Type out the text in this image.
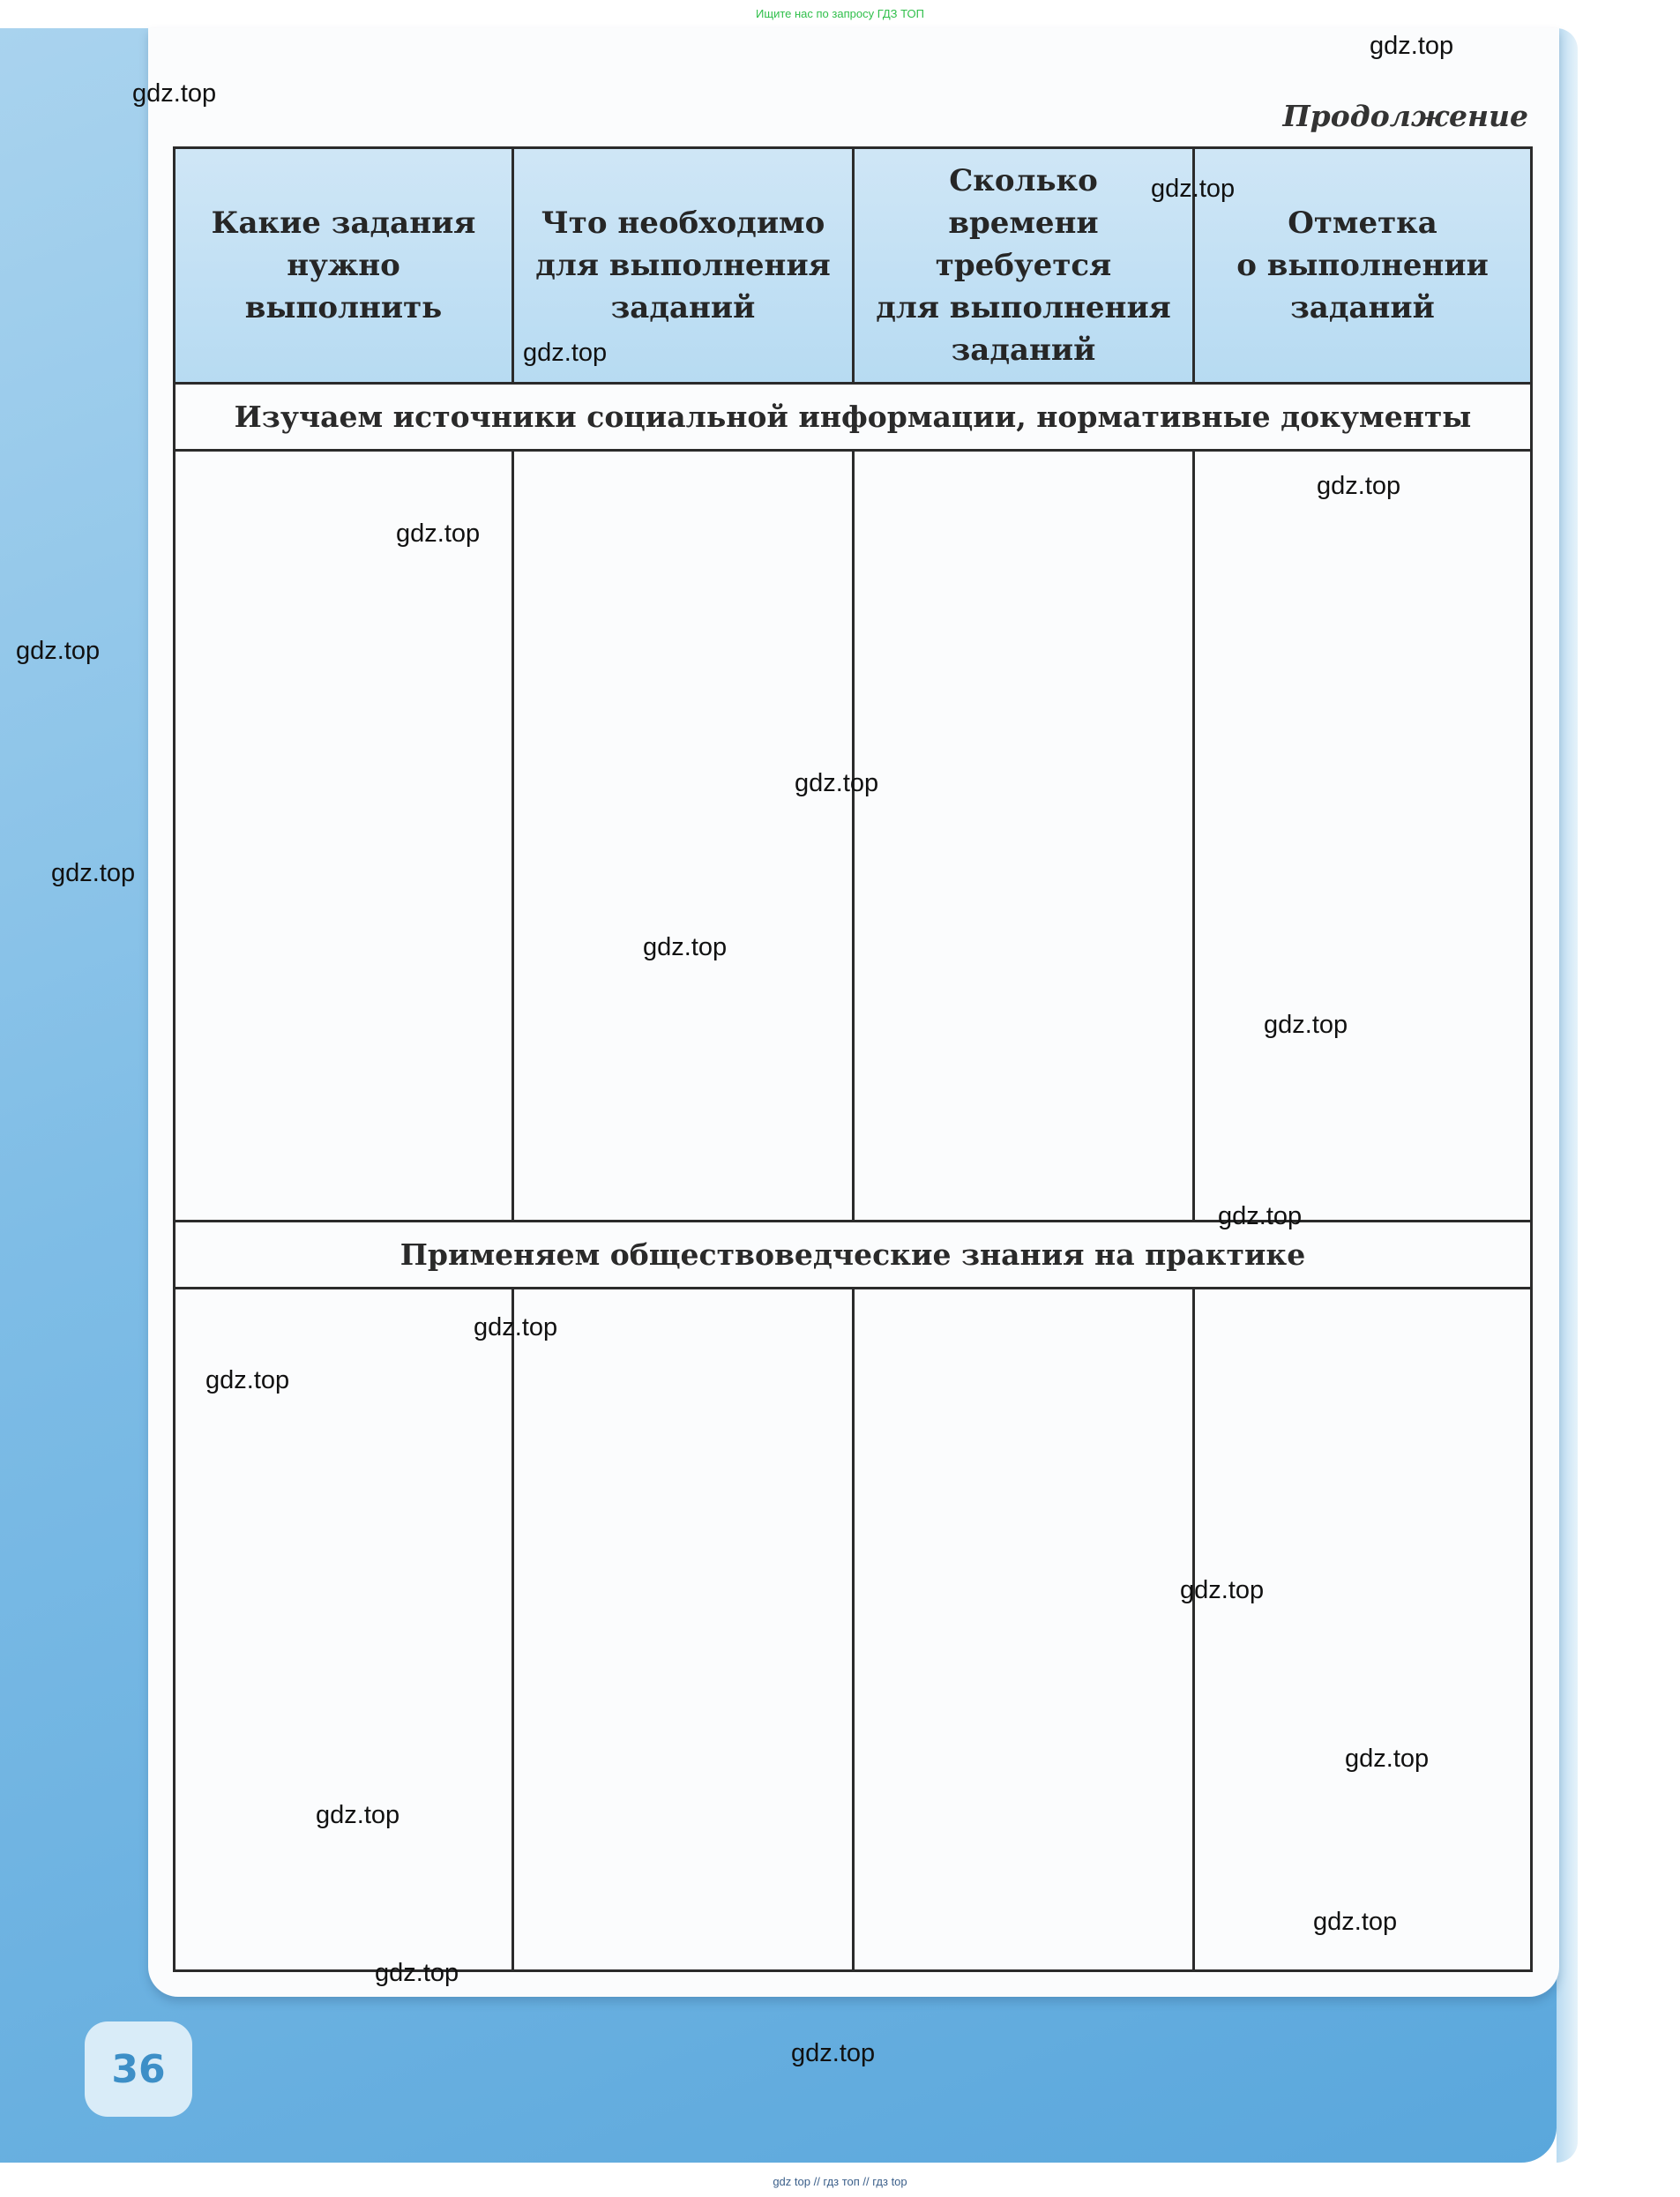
Ищите нас по запросу ГДЗ ТОП
Продолжение
Какие задания
нужно
выполнить
Что необходимо
для выполнения
заданий
Сколько
времени
требуется
для выполнения
заданий
Отметка
о выполнении
заданий
Изучаем источники социальной информации, нормативные документы
Применяем обществоведческие знания на практике
36
gdz.top
gdz.top
gdz.top
gdz.top
gdz.top
gdz.top
gdz.top
gdz.top
gdz.top
gdz.top
gdz.top
gdz.top
gdz.top
gdz.top
gdz.top
gdz.top
gdz.top
gdz.top
gdz.top
gdz.top
gdz top // гдз топ // гдз top
